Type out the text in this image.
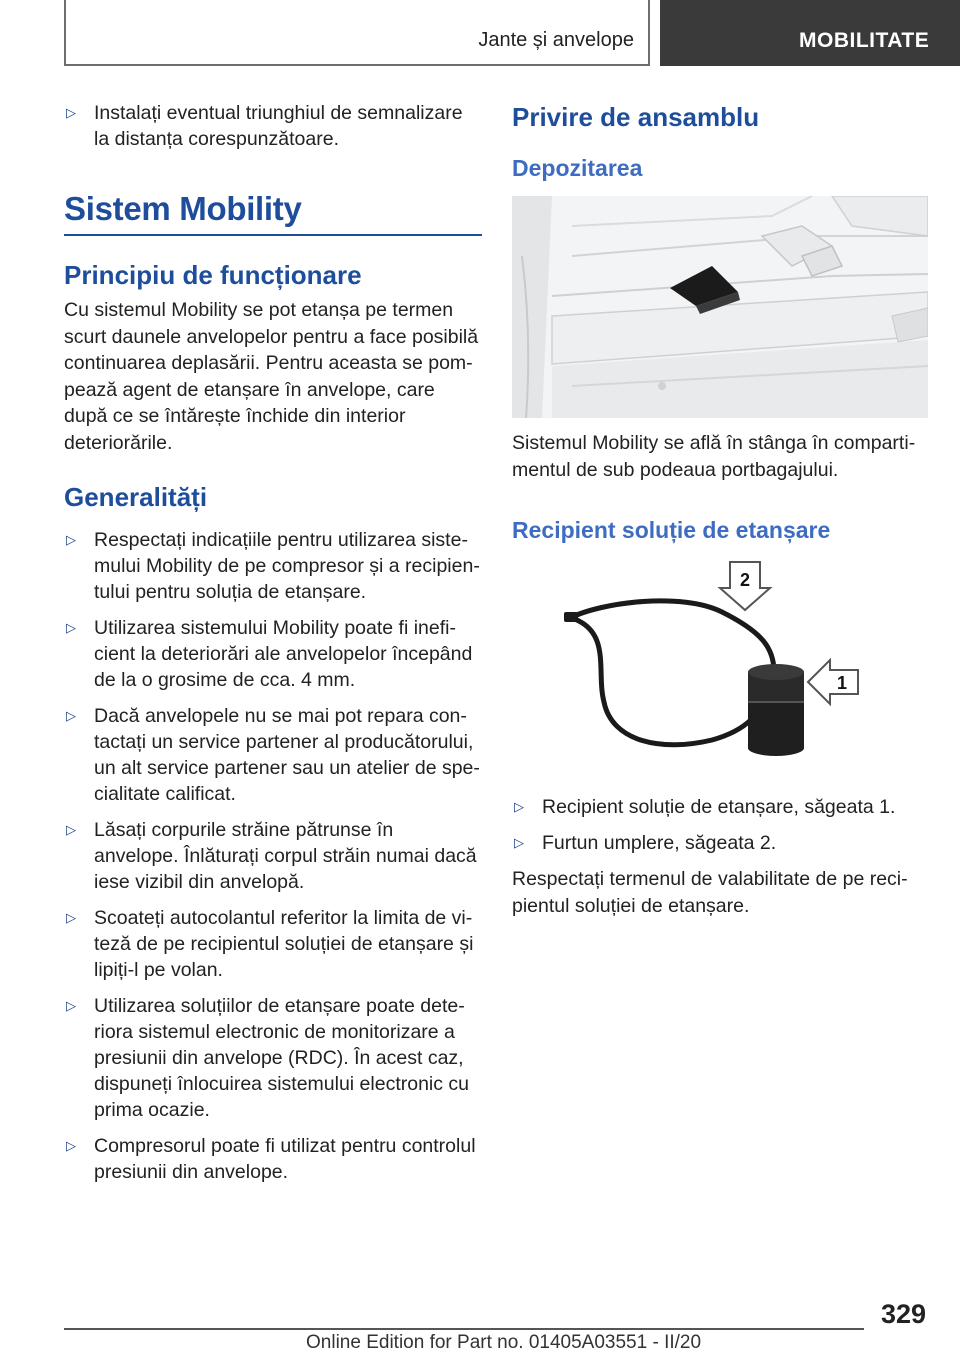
Jante și anvelope	MOBILITATE
▷ Instalați eventual triunghiul de semnalizare la distanța corespunzătoare.
Sistem Mobility
Principiu de funcționare

Cu sistemul Mobility se pot etanșa pe termen scurt daunele anvelopelor pentru a face posibilă continuarea deplasării. Pentru aceasta se pompează agent de etanșare în anvelope, care după ce se întărește închide din interior deteriorările.

Generalități
▷ Respectați indicațiile pentru utilizarea sistemului Mobility de pe compresor și a recipientului pentru soluția de etanșare.
▷ Utilizarea sistemului Mobility poate fi ineficient la deteriorări ale anvelopelor începând de la o grosime de cca. 4 mm.
▷ Dacă anvelopele nu se mai pot repara contactați un service partener al producătorului, un alt service partener sau un atelier de specialitate calificat.
▷ Lăsați corpurile străine pătrunse în anvelope. Înlăturați corpul străin numai dacă iese vizibil din anvelopă.
▷ Scoateți autocolantul referitor la limita de viteză de pe recipientul soluției de etanșare și lipiți-l pe volan.
▷ Utilizarea soluțiilor de etanșare poate deteriora sistemul electronic de monitorizare a presiunii din anvelope (RDC). În acest caz, dispuneți înlocuirea sistemului electronic cu prima ocazie.
▷ Compresorul poate fi utilizat pentru controlul presiunii din anvelope.
Privire de ansamblu
Depozitarea

Sistemul Mobility se află în stânga în compartimentul de sub podeaua portbagajului.

Recipient soluție de etanșare
2
1
▷ Recipient soluție de etanșare, săgeata 1.
▷ Furtun umplere, săgeata 2.

Respectați termenul de valabilitate de pe recipientul soluției de etanșare.

329
Online Edition for Part no. 01405A03551 - II/20
